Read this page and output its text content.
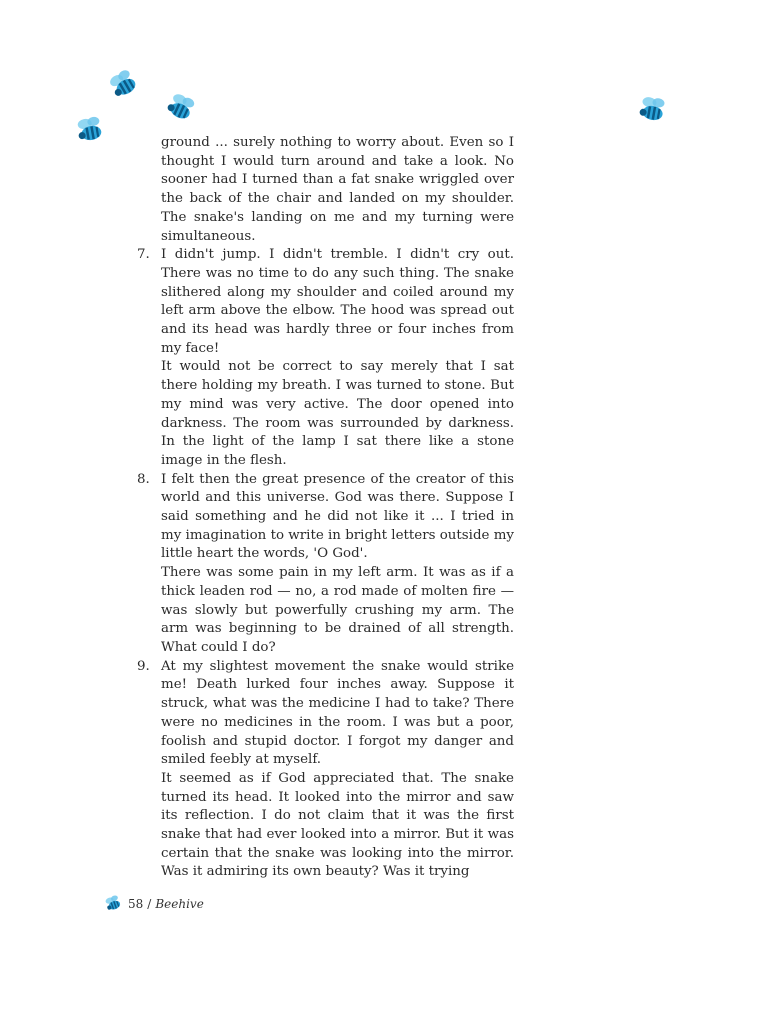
ground ... surely nothing to worry about. Even so I thought I would turn around and take a look. No sooner had I turned than a fat snake wriggled over the back of the chair and landed on my shoulder. The snake's landing on me and my turning were simultaneous.

7. I didn't jump. I didn't tremble. I didn't cry out. There was no time to do any such thing. The snake slithered along my shoulder and coiled around my left arm above the elbow. The hood was spread out and its head was hardly three or four inches from my face!

It would not be correct to say merely that I sat there holding my breath. I was turned to stone. But my mind was very active. The door opened into darkness. The room was surrounded by darkness. In the light of the lamp I sat there like a stone image in the flesh.

8. I felt then the great presence of the creator of this world and this universe. God was there. Suppose I said something and he did not like it ... I tried in my imagination to write in bright letters outside my little heart the words, 'O God'.

There was some pain in my left arm. It was as if a thick leaden rod — no, a rod made of molten fire — was slowly but powerfully crushing my arm. The arm was beginning to be drained of all strength. What could I do?

9. At my slightest movement the snake would strike me! Death lurked four inches away. Suppose it struck, what was the medicine I had to take? There were no medicines in the room. I was but a poor, foolish and stupid doctor. I forgot my danger and smiled feebly at myself.

It seemed as if God appreciated that. The snake turned its head. It looked into the mirror and saw its reflection. I do not claim that it was the first snake that had ever looked into a mirror. But it was certain that the snake was looking into the mirror. Was it admiring its own beauty? Was it trying

58 / Beehive
